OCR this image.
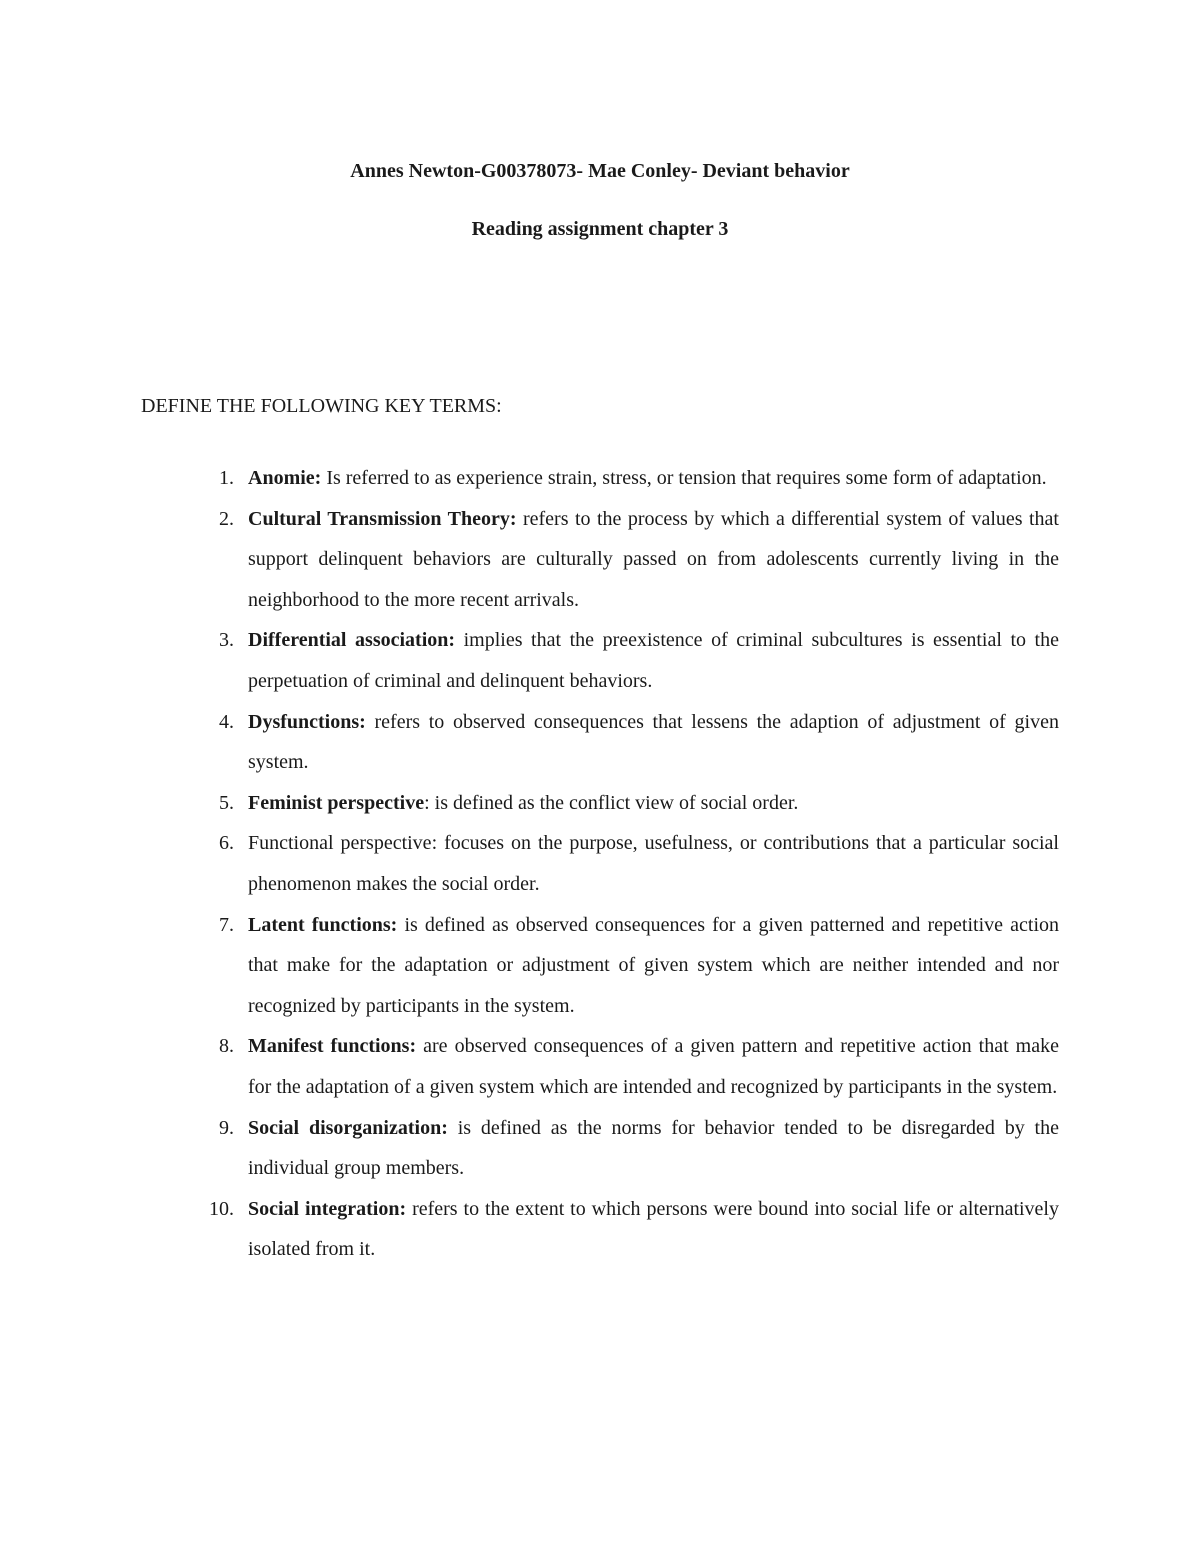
Annes Newton-G00378073- Mae Conley- Deviant behavior
Reading assignment chapter 3

DEFINE THE FOLLOWING KEY TERMS:

1. Anomie: Is referred to as experience strain, stress, or tension that requires some form of adaptation.
2. Cultural Transmission Theory: refers to the process by which a differential system of values that support delinquent behaviors are culturally passed on from adolescents currently living in the neighborhood to the more recent arrivals.
3. Differential association: implies that the preexistence of criminal subcultures is essential to the perpetuation of criminal and delinquent behaviors.
4. Dysfunctions: refers to observed consequences that lessens the adaption of adjustment of given system.
5. Feminist perspective: is defined as the conflict view of social order.
6. Functional perspective: focuses on the purpose, usefulness, or contributions that a particular social phenomenon makes the social order.
7. Latent functions: is defined as observed consequences for a given patterned and repetitive action that make for the adaptation or adjustment of given system which are neither intended and nor recognized by participants in the system.
8. Manifest functions: are observed consequences of a given pattern and repetitive action that make for the adaptation of a given system which are intended and recognized by participants in the system.
9. Social disorganization: is defined as the norms for behavior tended to be disregarded by the individual group members.
10. Social integration: refers to the extent to which persons were bound into social life or alternatively isolated from it.
